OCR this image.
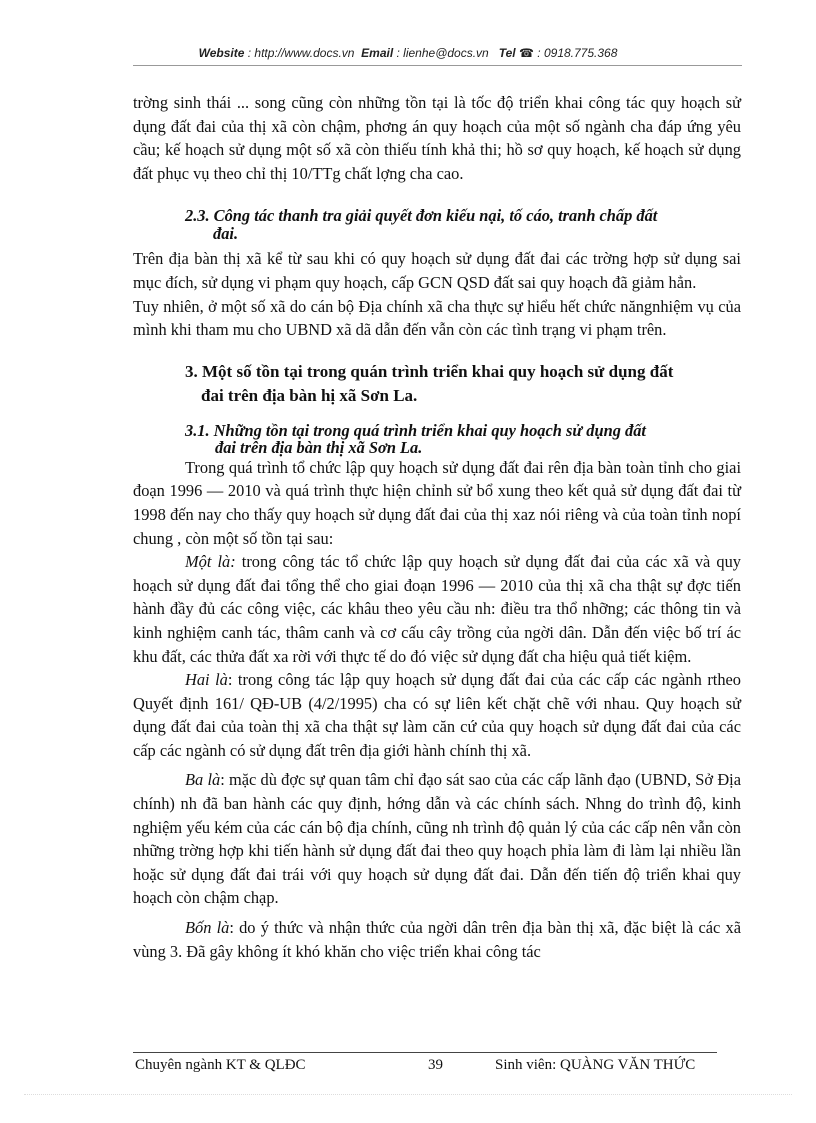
Website : http://www.docs.vn Email : lienhe@docs.vn Tel ☎ : 0918.775.368

trờng sinh thái ... song cũng còn những tồn tại là tốc độ triển khai công tác quy hoạch sử dụng đất đai của thị xã còn chậm, phơng án quy hoạch của một số ngành cha đáp ứng yêu cầu; kế hoạch sử dụng một số xã còn thiếu tính khả thi; hồ sơ quy hoạch, kế hoạch sử dụng đất phục vụ theo chỉ thị 10/TTg chất lợng cha cao.

2.3. Công tác thanh tra giải quyết đơn kiếu nại, tố cáo, tranh chấp đất
đai.

Trên địa bàn thị xã kể từ sau khi có quy hoạch sử dụng đất đai các trờng hợp sử dụng sai mục đích, sử dụng vi phạm quy hoạch, cấp GCN QSD đất sai quy hoạch đã giảm hẳn.

Tuy nhiên, ở một số xã do cán bộ Địa chính xã cha thực sự hiểu hết chức năngnhiệm vụ của mình khi tham mu cho UBND xã dã dẫn đến vẫn còn các tình trạng vi phạm trên.

3. Một số tồn tại trong quán trình triển khai quy hoạch sử dụng đất
đai trên địa bàn hị xã Sơn La.
3.1. Những tồn tại trong quá trình triển khai quy hoạch sử dụng đất
đai trên địa bàn thị xã Sơn La.

Trong quá trình tổ chức lập quy hoạch sử dụng đất đai rên địa bàn toàn tỉnh cho giai đoạn 1996 — 2010 và quá trình thực hiện chỉnh sử bổ xung theo kết quả sử dụng đất đai từ 1998 đến nay cho thấy quy hoạch sử dụng đất đai của thị xaz nói riêng và của toàn tỉnh nopí chung , còn một số tồn tại sau:

Một là: trong công tác tổ chức lập quy hoạch sử dụng đất đai của các xã và quy hoạch sử dụng đất đai tổng thể cho giai đoạn 1996 — 2010 của thị xã cha thật sự đợc tiến hành đầy đủ các công việc, các khâu theo yêu cầu nh: điều tra thổ nhỡng; các thông tin và kinh nghiệm canh tác, thâm canh và cơ cấu cây trồng của ngời dân. Dẫn đến việc bố trí ác khu đất, các thửa đất xa rời với thực tế do đó việc sử dụng đất cha hiệu quả tiết kiệm.

Hai là: trong công tác lập quy hoạch sử dụng đất đai của các cấp các ngành rtheo Quyết định 161/ QĐ-UB (4/2/1995) cha có sự liên kết chặt chẽ với nhau. Quy hoạch sử dụng đất đai của toàn thị xã cha thật sự làm căn cứ của quy hoạch sử dụng đất đai của các cấp các ngành có sử dụng đất trên địa giới hành chính thị xã.

Ba là: mặc dù đợc sự quan tâm chỉ đạo sát sao của các cấp lãnh đạo (UBND, Sở Địa chính) nh đã ban hành các quy định, hớng dẫn và các chính sách. Nhng do trình độ, kinh nghiệm yếu kém của các cán bộ địa chính, cũng nh trình độ quản lý của các cấp nên vẫn còn những trờng hợp khi tiến hành sử dụng đất đai theo quy hoạch phỉa làm đi làm lại nhiều lần hoặc sử dụng đất đai trái với quy hoạch sử dụng đất đai. Dẫn đến tiến độ triển khai quy hoạch còn chậm chạp.

Bốn là: do ý thức và nhận thức của ngời dân trên địa bàn thị xã, đặc biệt là các xã vùng 3. Đã gây không ít khó khăn cho việc triển khai công tác

Chuyên ngành KT & QLĐC	39	Sinh viên: QUÀNG VĂN THỨC
